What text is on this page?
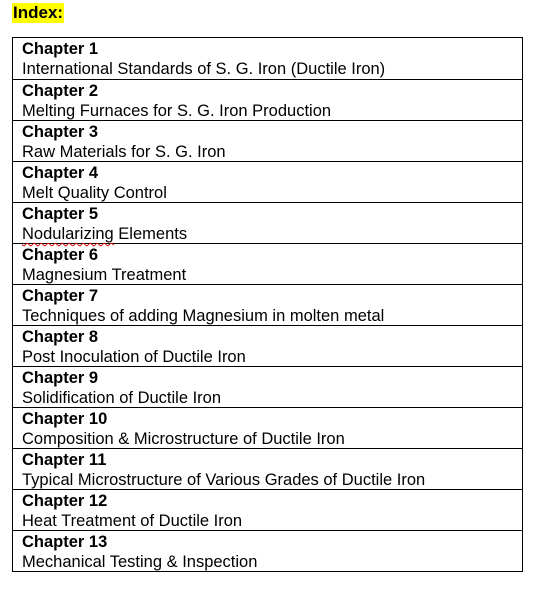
Index:
Chapter 1
International Standards of S. G. Iron (Ductile Iron)
Chapter 2
Melting Furnaces for S. G. Iron Production
Chapter 3
Raw Materials for S. G. Iron
Chapter 4
Melt Quality Control
Chapter 5
Nodularizing Elements
Chapter 6
Magnesium Treatment
Chapter 7
Techniques of adding Magnesium in molten metal
Chapter 8
Post Inoculation of Ductile Iron
Chapter 9
Solidification of Ductile Iron
Chapter 10
Composition & Microstructure of Ductile Iron
Chapter 11
Typical Microstructure of Various Grades of Ductile Iron
Chapter 12
Heat Treatment of Ductile Iron
Chapter 13
Mechanical Testing & Inspection
